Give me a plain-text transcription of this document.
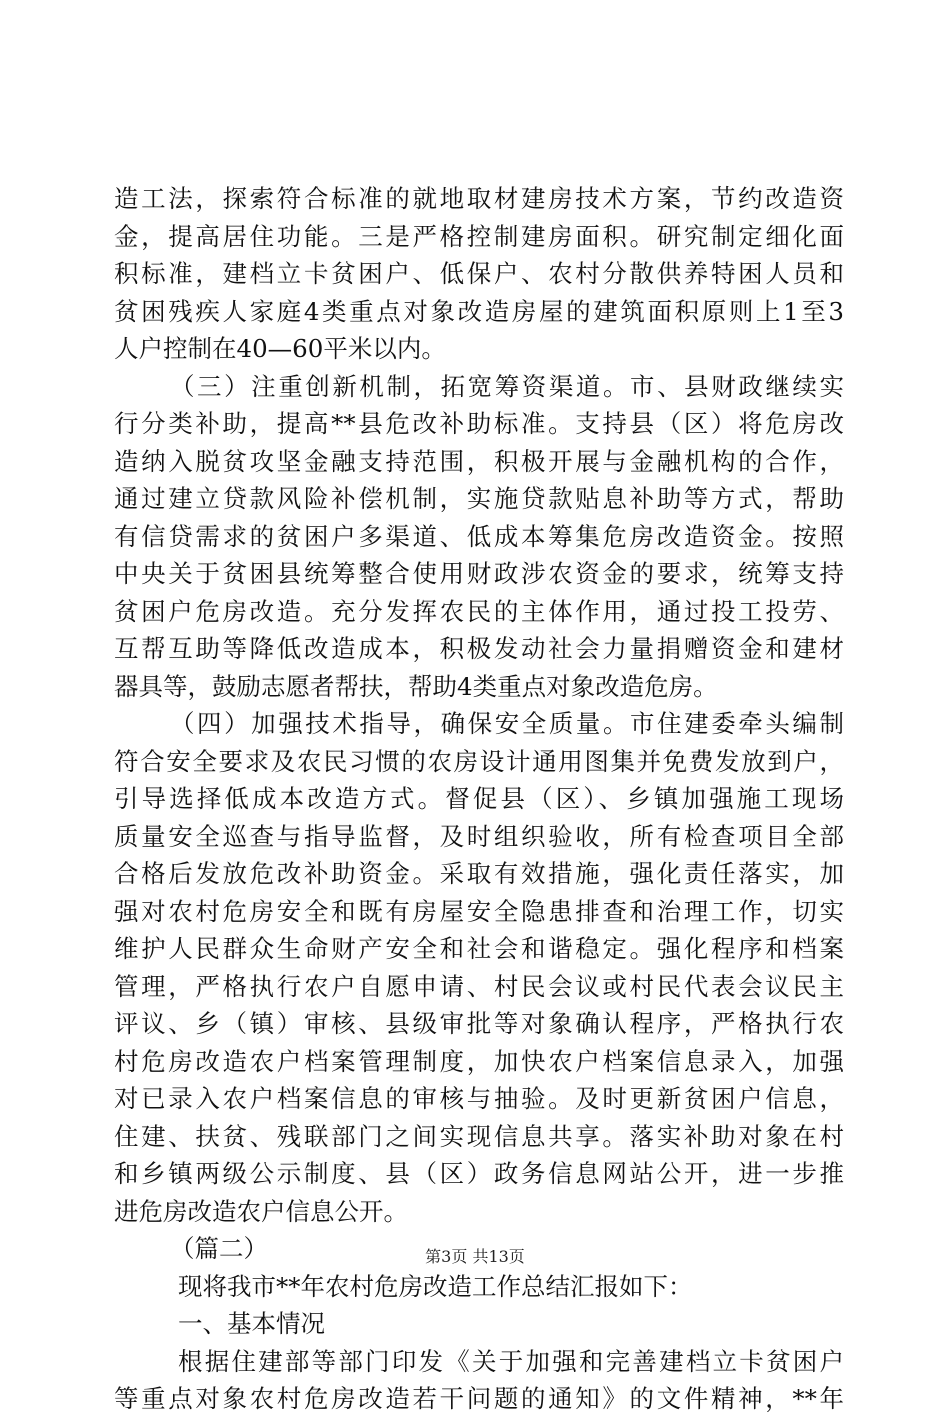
造工法，探索符合标准的就地取材建房技术方案，节约改造资
金，提高居住功能。三是严格控制建房面积。研究制定细化面
积标准，建档立卡贫困户、低保户、农村分散供养特困人员和
贫困残疾人家庭4类重点对象改造房屋的建筑面积原则上1至3
人户控制在40—60平米以内。
（三）注重创新机制，拓宽筹资渠道。市、县财政继续实
行分类补助，提高**县危改补助标准。支持县（区）将危房改
造纳入脱贫攻坚金融支持范围，积极开展与金融机构的合作，
通过建立贷款风险补偿机制，实施贷款贴息补助等方式，帮助
有信贷需求的贫困户多渠道、低成本筹集危房改造资金。按照
中央关于贫困县统筹整合使用财政涉农资金的要求，统筹支持
贫困户危房改造。充分发挥农民的主体作用，通过投工投劳、
互帮互助等降低改造成本，积极发动社会力量捐赠资金和建材
器具等，鼓励志愿者帮扶，帮助4类重点对象改造危房。
（四）加强技术指导，确保安全质量。市住建委牵头编制
符合安全要求及农民习惯的农房设计通用图集并免费发放到户，
引导选择低成本改造方式。督促县（区）、乡镇加强施工现场
质量安全巡查与指导监督，及时组织验收，所有检查项目全部
合格后发放危改补助资金。采取有效措施，强化责任落实，加
强对农村危房安全和既有房屋安全隐患排查和治理工作，切实
维护人民群众生命财产安全和社会和谐稳定。强化程序和档案
管理，严格执行农户自愿申请、村民会议或村民代表会议民主
评议、乡（镇）审核、县级审批等对象确认程序，严格执行农
村危房改造农户档案管理制度，加快农户档案信息录入，加强
对已录入农户档案信息的审核与抽验。及时更新贫困户信息，
住建、扶贫、残联部门之间实现信息共享。落实补助对象在村
和乡镇两级公示制度、县（区）政务信息网站公开，进一步推
进危房改造农户信息公开。
（篇二）
现将我市**年农村危房改造工作总结汇报如下：
一、基本情况
根据住建部等部门印发《关于加强和完善建档立卡贫困户
等重点对象农村危房改造若干问题的通知》的文件精神，**年
第3页 共13页
